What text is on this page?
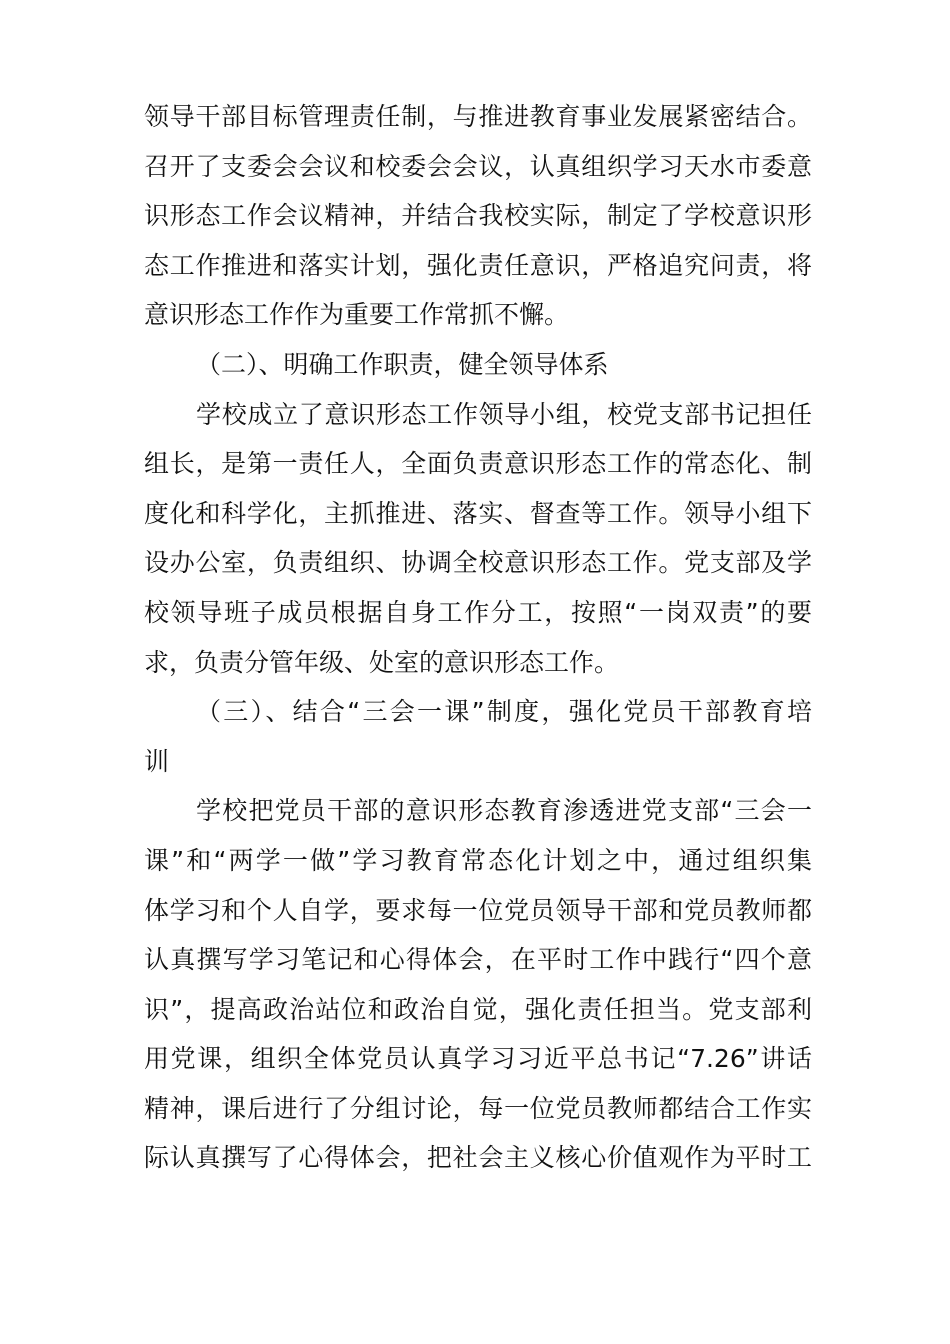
领导干部目标管理责任制，与推进教育事业发展紧密结合。
召开了支委会会议和校委会会议，认真组织学习天水市委意
识形态工作会议精神，并结合我校实际，制定了学校意识形
态工作推进和落实计划，强化责任意识，严格追究问责，将
意识形态工作作为重要工作常抓不懈。
（二）、明确工作职责，健全领导体系
学校成立了意识形态工作领导小组，校党支部书记担任
组长，是第一责任人，全面负责意识形态工作的常态化、制
度化和科学化，主抓推进、落实、督查等工作。领导小组下
设办公室，负责组织、协调全校意识形态工作。党支部及学
校领导班子成员根据自身工作分工，按照“一岗双责”的要
求，负责分管年级、处室的意识形态工作。
（三）、结合“三会一课”制度，强化党员干部教育培
训
学校把党员干部的意识形态教育渗透进党支部“三会一
课”和“两学一做”学习教育常态化计划之中，通过组织集
体学习和个人自学，要求每一位党员领导干部和党员教师都
认真撰写学习笔记和心得体会，在平时工作中践行“四个意
识”，提高政治站位和政治自觉，强化责任担当。党支部利
用党课，组织全体党员认真学习习近平总书记“7.26”讲话
精神，课后进行了分组讨论，每一位党员教师都结合工作实
际认真撰写了心得体会，把社会主义核心价值观作为平时工
